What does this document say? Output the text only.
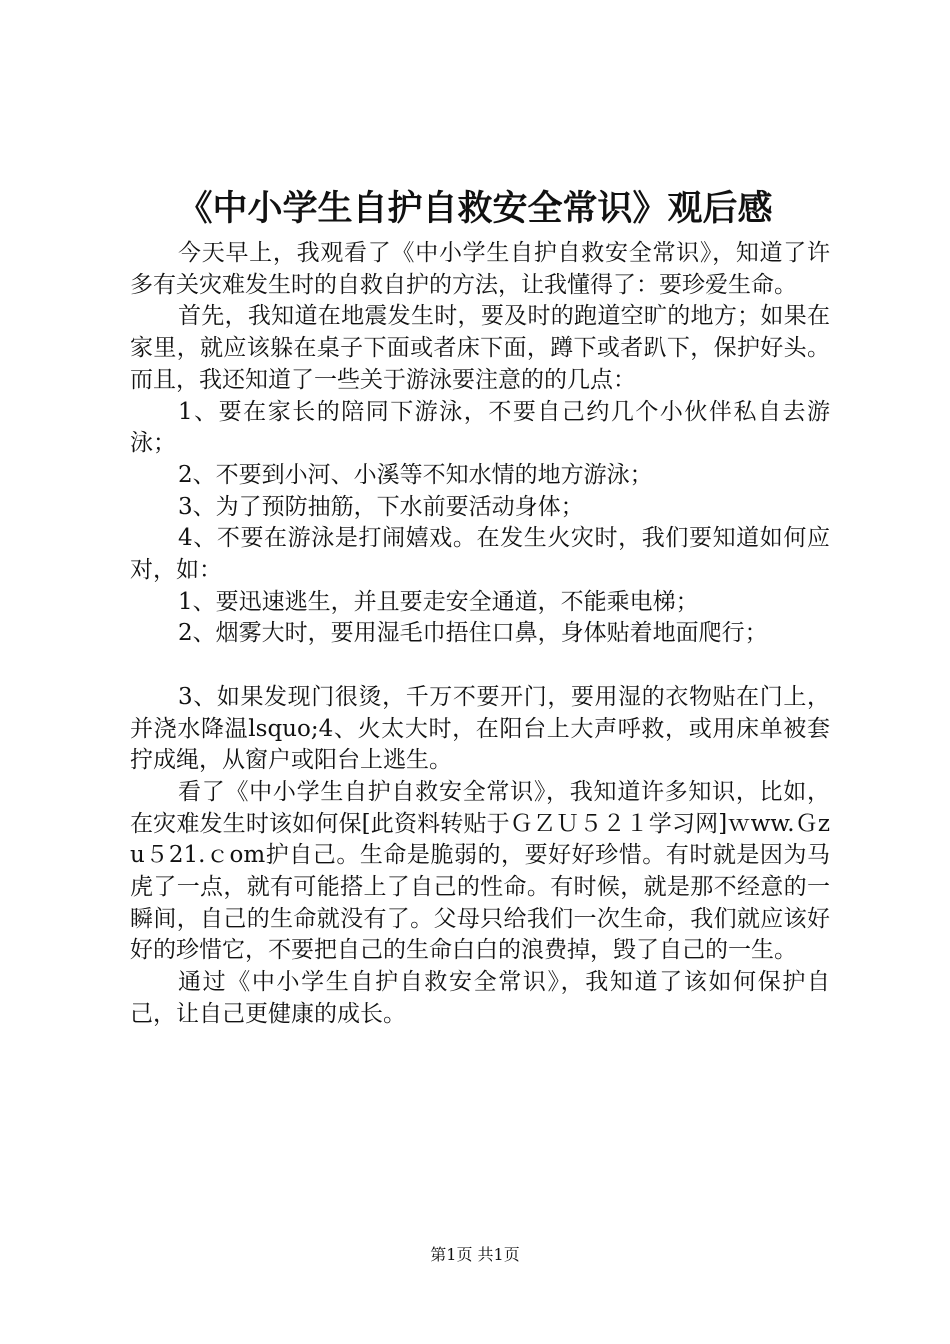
《中小学生自护自救安全常识》观后感

今天早上，我观看了《中小学生自护自救安全常识》，知道了许多有关灾难发生时的自救自护的方法，让我懂得了：要珍爱生命。

首先，我知道在地震发生时，要及时的跑道空旷的地方；如果在家里，就应该躲在桌子下面或者床下面，蹲下或者趴下，保护好头。而且，我还知道了一些关于游泳要注意的的几点：

1、要在家长的陪同下游泳，不要自己约几个小伙伴私自去游泳；

2、不要到小河、小溪等不知水情的地方游泳；

3、为了预防抽筋，下水前要活动身体；

4、不要在游泳是打闹嬉戏。在发生火灾时，我们要知道如何应对，如：

1、要迅速逃生，并且要走安全通道，不能乘电梯；

2、烟雾大时，要用湿毛巾捂住口鼻，身体贴着地面爬行；

3、如果发现门很烫，千万不要开门，要用湿的衣物贴在门上，并浇水降温lsquo;4、火太大时，在阳台上大声呼救，或用床单被套拧成绳，从窗户或阳台上逃生。

看了《中小学生自护自救安全常识》，我知道许多知识，比如，在灾难发生时该如何保[此资料转贴于ＧＺＵ５２１学习网]ｗww.Ｇzu５21.ｃom护自己。生命是脆弱的，要好好珍惜。有时就是因为马虎了一点，就有可能搭上了自己的性命。有时候，就是那不经意的一瞬间，自己的生命就没有了。父母只给我们一次生命，我们就应该好好的珍惜它，不要把自己的生命白白的浪费掉，毁了自己的一生。

通过《中小学生自护自救安全常识》，我知道了该如何保护自己，让自己更健康的成长。

第1页 共1页
